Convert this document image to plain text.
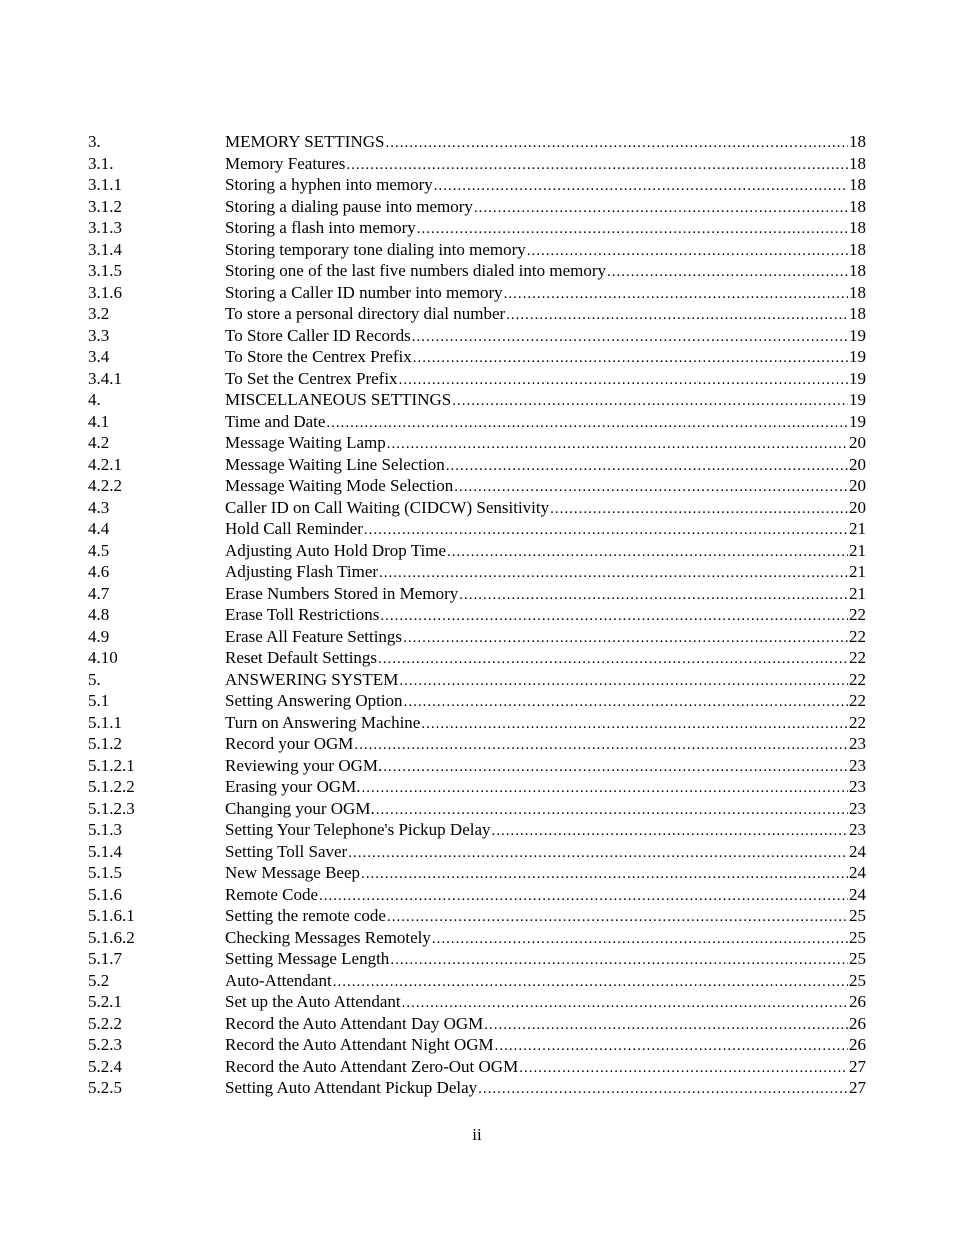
3.	MEMORY SETTINGS .....	18
3.1.	Memory Features .....	18
3.1.1	Storing a hyphen into memory .....	18
3.1.2	Storing a dialing pause into memory .....	18
3.1.3	Storing a flash into memory .....	18
3.1.4	Storing temporary tone dialing into memory .....	18
3.1.5	Storing one of the last five numbers dialed into memory .....	18
3.1.6	Storing a Caller ID number into memory .....	18
3.2	To store a personal directory dial number .....	18
3.3	To Store Caller ID Records .....	19
3.4	To Store the Centrex Prefix .....	19
3.4.1	To Set the Centrex Prefix .....	19
4.	MISCELLANEOUS SETTINGS .....	19
4.1	Time and Date .....	19
4.2	Message Waiting Lamp .....	20
4.2.1	Message Waiting Line Selection .....	20
4.2.2	Message Waiting Mode Selection .....	20
4.3	Caller ID on Call Waiting (CIDCW) Sensitivity .....	20
4.4	Hold Call Reminder .....	21
4.5	Adjusting Auto Hold Drop Time .....	21
4.6	Adjusting Flash Timer .....	21
4.7	Erase Numbers Stored in Memory .....	21
4.8	Erase Toll Restrictions .....	22
4.9	Erase All Feature Settings .....	22
4.10	Reset Default Settings .....	22
5.	ANSWERING SYSTEM .....	22
5.1	Setting Answering Option .....	22
5.1.1	Turn on Answering Machine .....	22
5.1.2	Record your OGM .....	23
5.1.2.1	Reviewing your OGM. .....	23
5.1.2.2	Erasing your OGM. .....	23
5.1.2.3	Changing your OGM. .....	23
5.1.3	Setting Your Telephone's Pickup Delay .....	23
5.1.4	Setting Toll Saver .....	24
5.1.5	New Message Beep .....	24
5.1.6	Remote Code .....	24
5.1.6.1	Setting the remote code .....	25
5.1.6.2	Checking Messages Remotely .....	25
5.1.7	Setting Message Length .....	25
5.2	Auto-Attendant .....	25
5.2.1	Set up the Auto Attendant .....	26
5.2.2	Record the Auto Attendant Day OGM .....	26
5.2.3	Record the Auto Attendant Night OGM .....	26
5.2.4	Record the Auto Attendant Zero-Out OGM .....	27
5.2.5	Setting Auto Attendant Pickup Delay .....	27
ii
